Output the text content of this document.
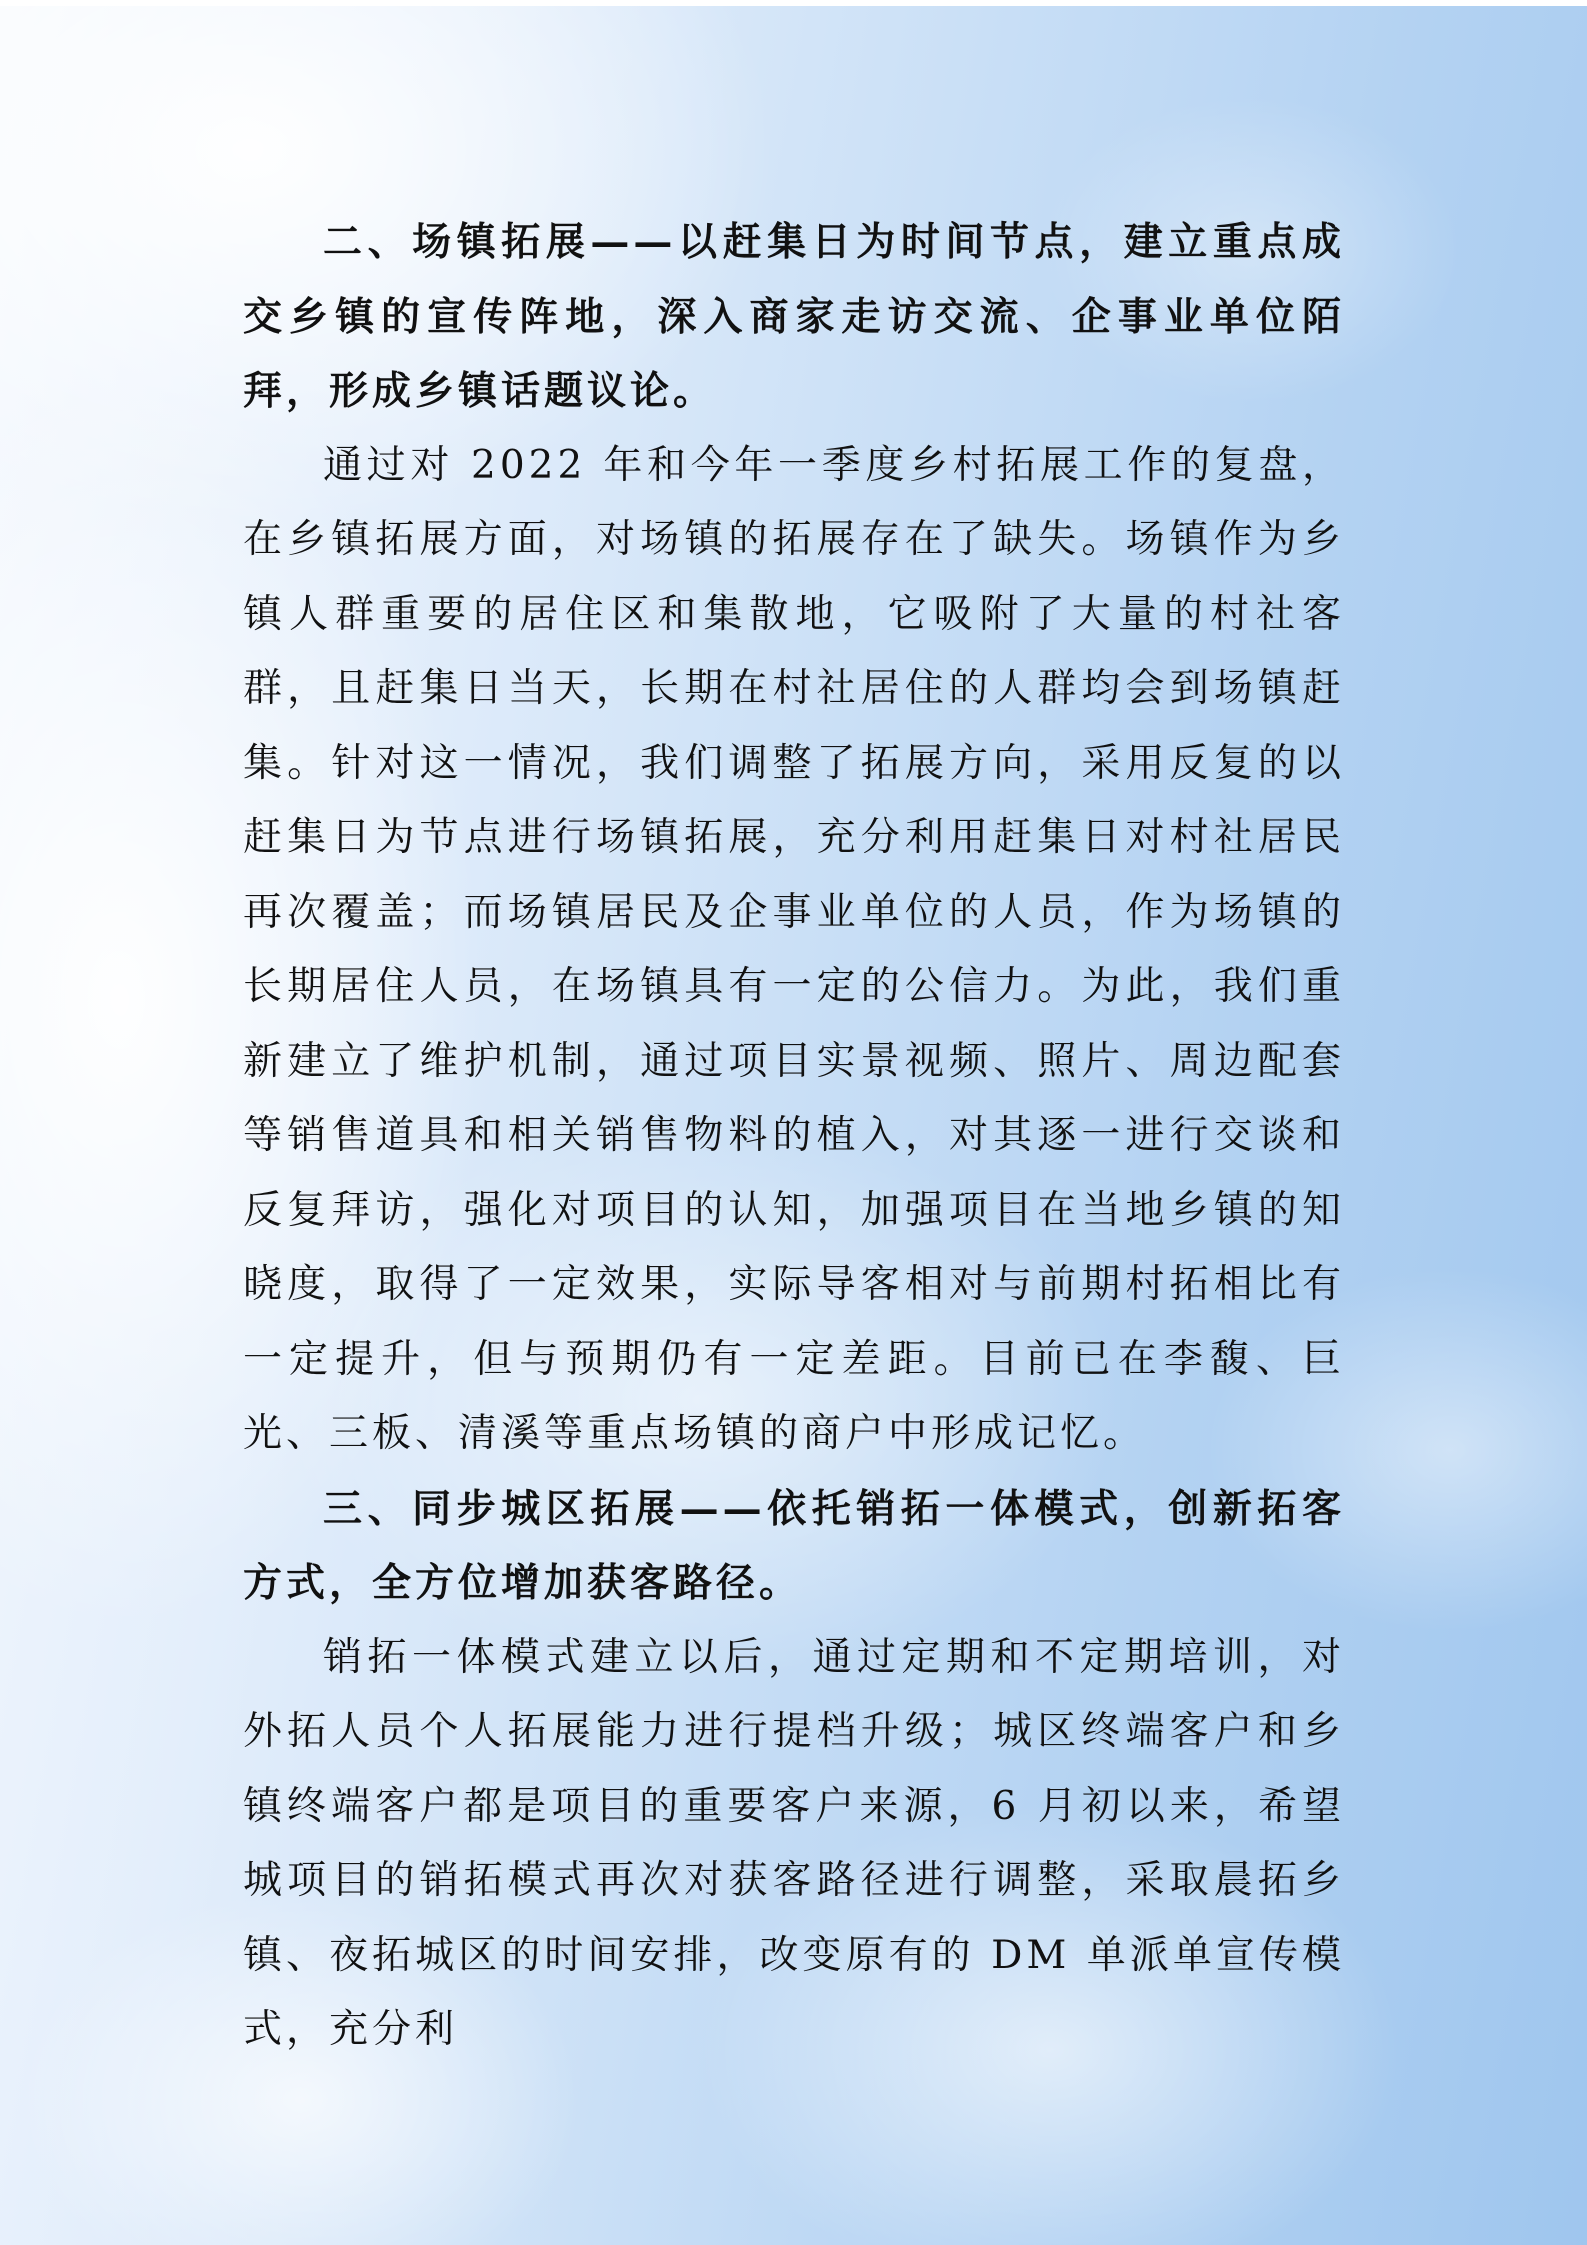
二、场镇拓展——以赶集日为时间节点，建立重点成交乡镇的宣传阵地，深入商家走访交流、企事业单位陌拜，形成乡镇话题议论。

通过对 2022 年和今年一季度乡村拓展工作的复盘，在乡镇拓展方面，对场镇的拓展存在了缺失。场镇作为乡镇人群重要的居住区和集散地，它吸附了大量的村社客群，且赶集日当天，长期在村社居住的人群均会到场镇赶集。针对这一情况，我们调整了拓展方向，采用反复的以赶集日为节点进行场镇拓展，充分利用赶集日对村社居民再次覆盖；而场镇居民及企事业单位的人员，作为场镇的长期居住人员，在场镇具有一定的公信力。为此，我们重新建立了维护机制，通过项目实景视频、照片、周边配套等销售道具和相关销售物料的植入，对其逐一进行交谈和反复拜访，强化对项目的认知，加强项目在当地乡镇的知晓度，取得了一定效果，实际导客相对与前期村拓相比有一定提升，但与预期仍有一定差距。目前已在李馥、巨光、三板、清溪等重点场镇的商户中形成记忆。

三、同步城区拓展——依托销拓一体模式，创新拓客方式，全方位增加获客路径。

销拓一体模式建立以后，通过定期和不定期培训，对外拓人员个人拓展能力进行提档升级；城区终端客户和乡镇终端客户都是项目的重要客户来源，6 月初以来，希望城项目的销拓模式再次对获客路径进行调整，采取晨拓乡镇、夜拓城区的时间安排，改变原有的 DM 单派单宣传模式，充分利
